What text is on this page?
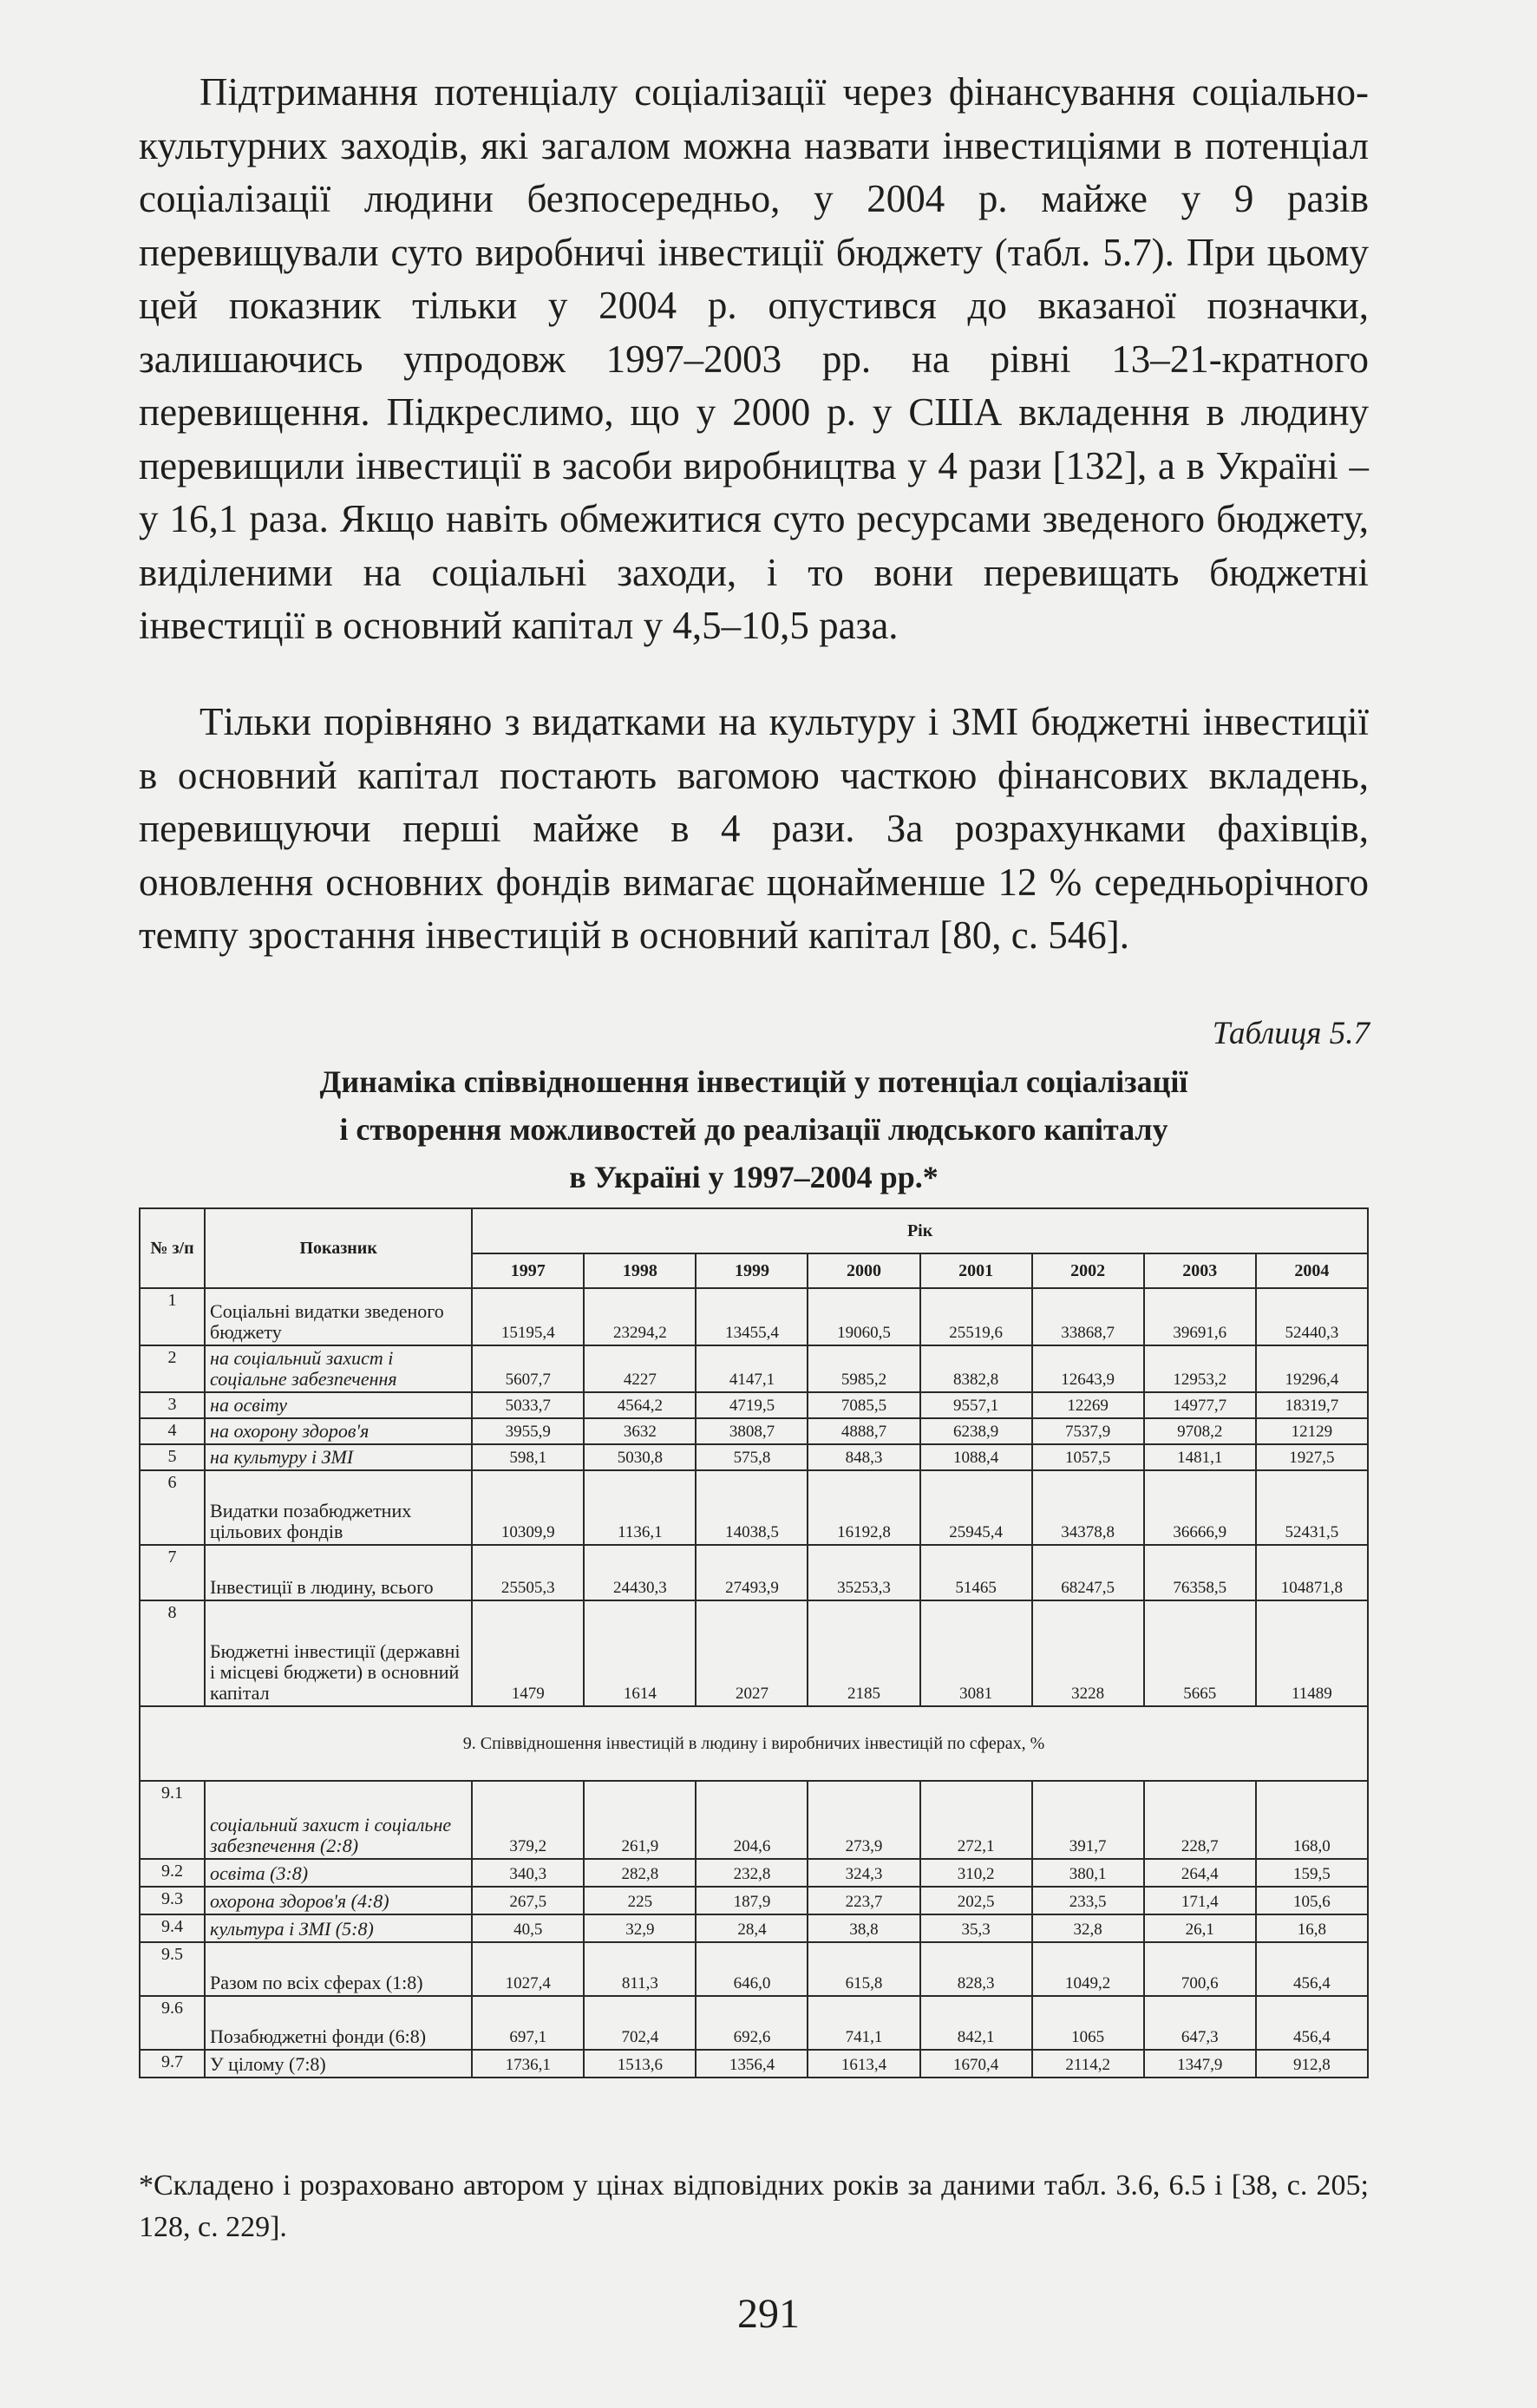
Підтримання потенціалу соціалізації через фінансування соціально-культурних заходів, які загалом можна назвати інвестиціями в потенціал соціалізації людини безпосередньо, у 2004 р. майже у 9 разів перевищували суто виробничі інвестиції бюджету (табл. 5.7). При цьому цей показник тільки у 2004 р. опустився до вказаної позначки, залишаючись упродовж 1997–2003 рр. на рівні 13–21-кратного перевищення. Підкреслимо, що у 2000 р. у США вкладення в людину перевищили інвестиції в засоби виробництва у 4 рази [132], а в Україні – у 16,1 раза. Якщо навіть обмежитися суто ресурсами зведеного бюджету, виділеними на соціальні заходи, і то вони перевищать бюджетні інвестиції в основний капітал у 4,5–10,5 раза.

Тільки порівняно з видатками на культуру і ЗМІ бюджетні інвестиції в основний капітал постають вагомою часткою фінансових вкладень, перевищуючи перші майже в 4 рази. За розрахунками фахівців, оновлення основних фондів вимагає щонайменше 12 % середньорічного темпу зростання інвестицій в основний капітал [80, с. 546].

Таблиця 5.7

Динаміка співвідношення інвестицій у потенціал соціалізації
і створення можливостей до реалізації людського капіталу
в Україні у 1997–2004 рр.*
№ з/п	Показник	Рік							
		1997	1998	1999	2000	2001	2002	2003	2004
1	Соціальні видатки зведеного бюджету	15195,4	23294,2	13455,4	19060,5	25519,6	33868,7	39691,6	52440,3
2	на соціальний захист і соціальне забезпечення	5607,7	4227	4147,1	5985,2	8382,8	12643,9	12953,2	19296,4
3	на освіту	5033,7	4564,2	4719,5	7085,5	9557,1	12269	14977,7	18319,7
4	на охорону здоров'я	3955,9	3632	3808,7	4888,7	6238,9	7537,9	9708,2	12129
5	на культуру і ЗМІ	598,1	5030,8	575,8	848,3	1088,4	1057,5	1481,1	1927,5
6	Видатки позабюджетних цільових фондів	10309,9	1136,1	14038,5	16192,8	25945,4	34378,8	36666,9	52431,5
7	Інвестиції в людину, всього	25505,3	24430,3	27493,9	35253,3	51465	68247,5	76358,5	104871,8
8	Бюджетні інвестиції (державні і місцеві бюджети) в основний капітал	1479	1614	2027	2185	3081	3228	5665	11489
9. Співвідношення інвестицій в людину і виробничих інвестицій по сферах, %									
9.1	соціальний захист і соціальне забезпечення (2:8)	379,2	261,9	204,6	273,9	272,1	391,7	228,7	168,0
9.2	освіта (3:8)	340,3	282,8	232,8	324,3	310,2	380,1	264,4	159,5
9.3	охорона здоров'я (4:8)	267,5	225	187,9	223,7	202,5	233,5	171,4	105,6
9.4	культура і ЗМІ (5:8)	40,5	32,9	28,4	38,8	35,3	32,8	26,1	16,8
9.5	Разом по всіх сферах (1:8)	1027,4	811,3	646,0	615,8	828,3	1049,2	700,6	456,4
9.6	Позабюджетні фонди (6:8)	697,1	702,4	692,6	741,1	842,1	1065	647,3	456,4
9.7	У цілому (7:8)	1736,1	1513,6	1356,4	1613,4	1670,4	2114,2	1347,9	912,8

*Складено і розраховано автором у цінах відповідних років за даними табл. 3.6, 6.5 і [38, с. 205; 128, с. 229].

291
